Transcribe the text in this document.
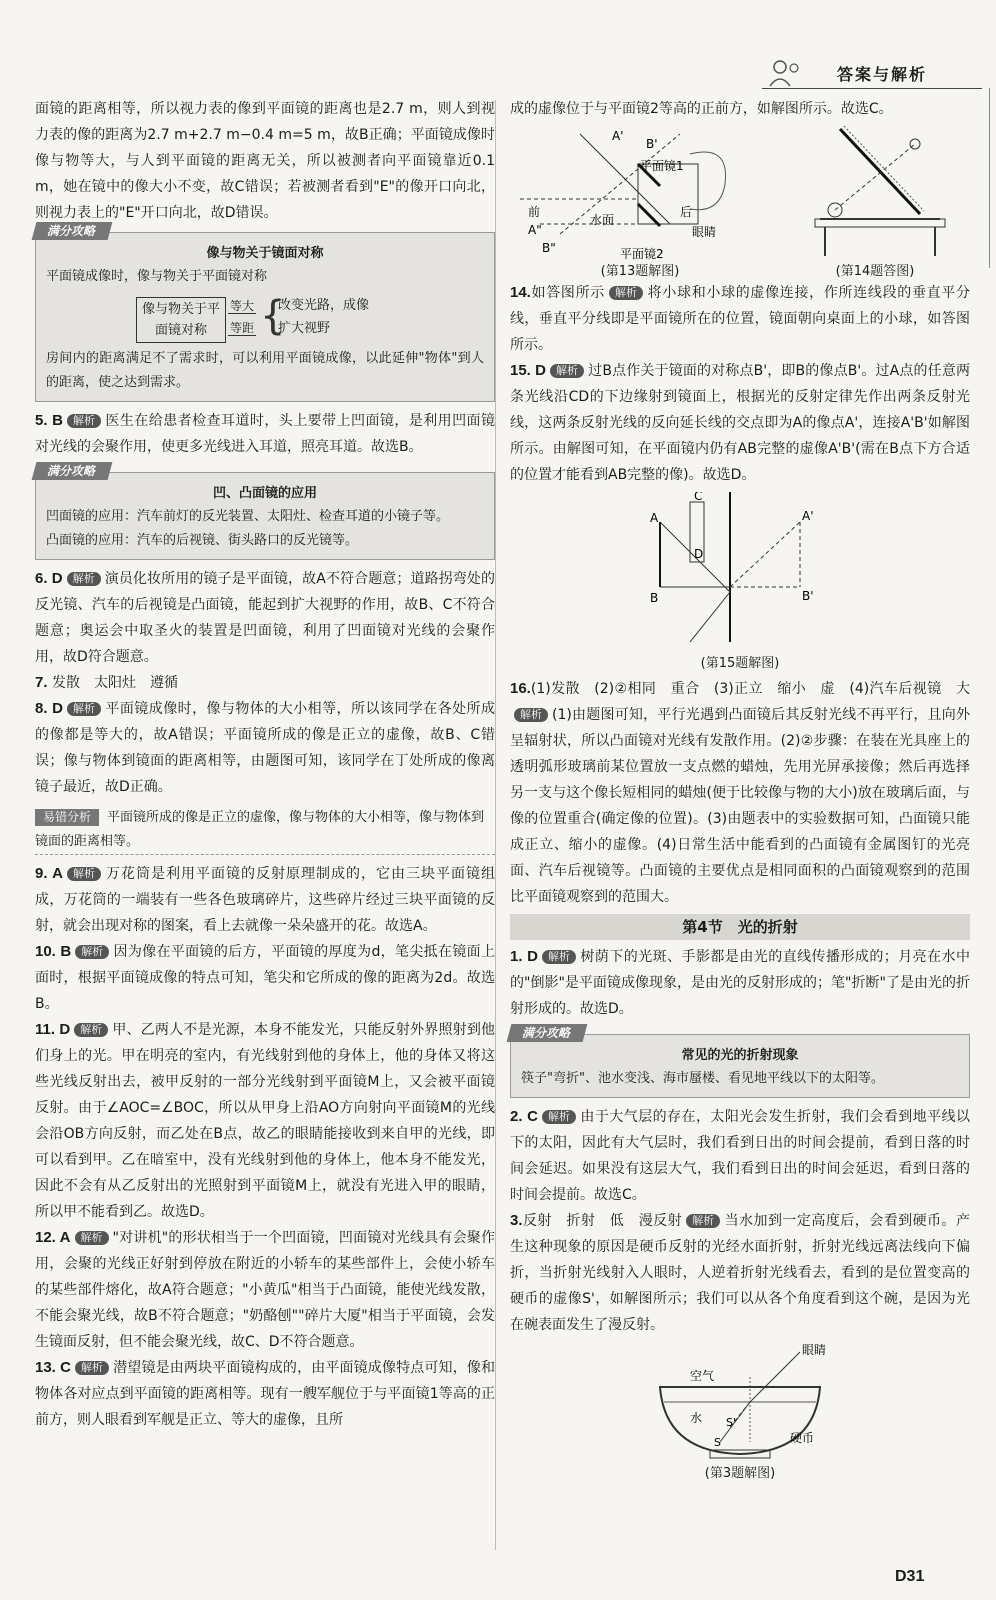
答案与解析

面镜的距离相等，所以视力表的像到平面镜的距离也是2.7 m，则人到视力表的像的距离为2.7 m+2.7 m−0.4 m=5 m，故B正确；平面镜成像时像与物等大，与人到平面镜的距离无关，所以被测者向平面镜靠近0.1 m，她在镜中的像大小不变，故C错误；若被测者看到"E"的像开口向北，则视力表上的"E"开口向北，故D错误。

满分攻略
像与物关于镜面对称

平面镜成像时，像与物关于平面镜对称

像与物关于平面镜对称
等大
等距 {
改变光路，成像
扩大视野

房间内的距离满足不了需求时，可以利用平面镜成像，以此延伸"物体"到人的距离，使之达到需求。

5. B 解析 医生在给患者检查耳道时，头上要带上凹面镜，是利用凹面镜对光线的会聚作用，使更多光线进入耳道，照亮耳道。故选B。

满分攻略
凹、凸面镜的应用

凹面镜的应用：汽车前灯的反光装置、太阳灶、检查耳道的小镜子等。

凸面镜的应用：汽车的后视镜、街头路口的反光镜等。

6. D 解析 演员化妆所用的镜子是平面镜，故A不符合题意；道路拐弯处的反光镜、汽车的后视镜是凸面镜，能起到扩大视野的作用，故B、C不符合题意；奥运会中取圣火的装置是凹面镜，利用了凹面镜对光线的会聚作用，故D符合题意。

7. 发散　太阳灶　遵循

8. D 解析 平面镜成像时，像与物体的大小相等，所以该同学在各处所成的像都是等大的，故A错误；平面镜所成的像是正立的虚像，故B、C错误；像与物体到镜面的距离相等，由题图可知，该同学在丁处所成的像离镜子最近，故D正确。

易错分析 平面镜所成的像是正立的虚像，像与物体的大小相等，像与物体到镜面的距离相等。

9. A 解析 万花筒是利用平面镜的反射原理制成的，它由三块平面镜组成，万花筒的一端装有一些各色玻璃碎片，这些碎片经过三块平面镜的反射，就会出现对称的图案，看上去就像一朵朵盛开的花。故选A。

10. B 解析 因为像在平面镜的后方，平面镜的厚度为d，笔尖抵在镜面上面时，根据平面镜成像的特点可知，笔尖和它所成的像的距离为2d。故选B。

11. D 解析 甲、乙两人不是光源，本身不能发光，只能反射外界照射到他们身上的光。甲在明亮的室内，有光线射到他的身体上，他的身体又将这些光线反射出去，被甲反射的一部分光线射到平面镜M上，又会被平面镜反射。由于∠AOC=∠BOC，所以从甲身上沿AO方向射向平面镜M的光线会沿OB方向反射，而乙处在B点，故乙的眼睛能接收到来自甲的光线，即可以看到甲。乙在暗室中，没有光线射到他的身体上，他本身不能发光，因此不会有从乙反射出的光照射到平面镜M上，就没有光进入甲的眼睛，所以甲不能看到乙。故选D。

12. A 解析 "对讲机"的形状相当于一个凹面镜，凹面镜对光线具有会聚作用，会聚的光线正好射到停放在附近的小轿车的某些部件上，会使小轿车的某些部件熔化，故A符合题意；"小黄瓜"相当于凸面镜，能使光线发散，不能会聚光线，故B不符合题意；"奶酪刨""碎片大厦"相当于平面镜，会发生镜面反射，但不能会聚光线，故C、D不符合题意。

13. C 解析 潜望镜是由两块平面镜构成的，由平面镜成像特点可知，像和物体各对应点到平面镜的距离相等。现有一艘军舰位于与平面镜1等高的正前方，则人眼看到军舰是正立、等大的虚像，且所

成的虚像位于与平面镜2等高的正前方，如解图所示。故选C。

A'
B'
平面镜1
前	后
水面
A"
B"
眼睛
平面镜2
(第13题解图)	(第14题答图)

14.如答图所示 解析 将小球和小球的虚像连接，作所连线段的垂直平分线，垂直平分线即是平面镜所在的位置，镜面朝向桌面上的小球，如答图所示。

15. D 解析 过B点作关于镜面的对称点B'，即B的像点B'。过A点的任意两条光线沿CD的下边缘射到镜面上，根据光的反射定律先作出两条反射光线，这两条反射光线的反向延长线的交点即为A的像点A'，连接A'B'如解图所示。由解图可知，在平面镜内仍有AB完整的虚像A'B'(需在B点下方合适的位置才能看到AB完整的像)。故选D。

A
B
C
D
A'
B'
(第15题解图)

16.(1)发散　(2)②相同　重合　(3)正立　缩小　虚　(4)汽车后视镜　大解析 (1)由题图可知，平行光遇到凸面镜后其反射光线不再平行，且向外呈辐射状，所以凸面镜对光线有发散作用。(2)②步骤：在装在光具座上的透明弧形玻璃前某位置放一支点燃的蜡烛，先用光屏承接像；然后再选择另一支与这个像长短相同的蜡烛(便于比较像与物的大小)放在玻璃后面，与像的位置重合(确定像的位置)。(3)由题表中的实验数据可知，凸面镜只能成正立、缩小的虚像。(4)日常生活中能看到的凸面镜有金属图钉的光亮面、汽车后视镜等。凸面镜的主要优点是相同面积的凸面镜观察到的范围比平面镜观察到的范围大。

第4节　光的折射

1. D 解析 树荫下的光斑、手影都是由光的直线传播形成的；月亮在水中的"倒影"是平面镜成像现象，是由光的反射形成的；笔"折断"了是由光的折射形成的。故选D。

满分攻略
常见的光的折射现象

筷子"弯折"、池水变浅、海市蜃楼、看见地平线以下的太阳等。

2. C 解析 由于大气层的存在，太阳光会发生折射，我们会看到地平线以下的太阳，因此有大气层时，我们看到日出的时间会提前，看到日落的时间会延迟。如果没有这层大气，我们看到日出的时间会延迟，看到日落的时间会提前。故选C。

3.反射　折射　低　漫反射 解析 当水加到一定高度后，会看到硬币。产生这种现象的原因是硬币反射的光经水面折射，折射光线远离法线向下偏折，当折射光线射入人眼时，人逆着折射光线看去，看到的是位置变高的硬币的虚像S'，如解图所示；我们可以从各个角度看到这个碗，是因为光在碗表面发生了漫反射。

空气
水
硬币
眼睛
S
S'
(第3题解图)
D31
